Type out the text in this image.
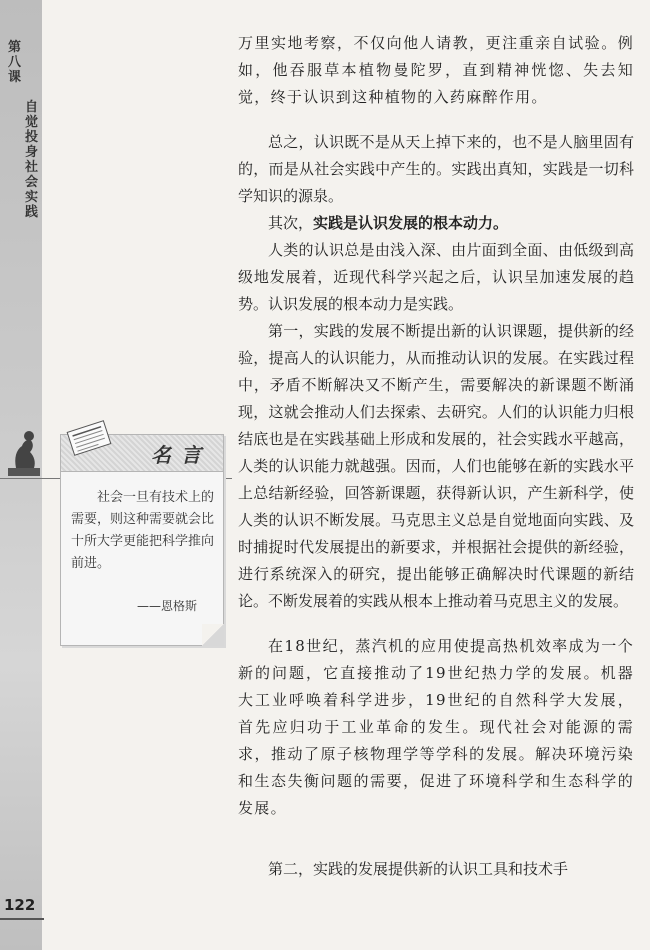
第八课
自觉投身社会实践
122
名言
社会一旦有技术上的需要，则这种需要就会比十所大学更能把科学推向前进。
——恩格斯

万里实地考察，不仅向他人请教，更注重亲自试验。例如，他吞服草本植物曼陀罗，直到精神恍惚、失去知觉，终于认识到这种植物的入药麻醉作用。

总之，认识既不是从天上掉下来的，也不是人脑里固有的，而是从社会实践中产生的。实践出真知，实践是一切科学知识的源泉。

其次，实践是认识发展的根本动力。

人类的认识总是由浅入深、由片面到全面、由低级到高级地发展着，近现代科学兴起之后，认识呈加速发展的趋势。认识发展的根本动力是实践。

第一，实践的发展不断提出新的认识课题，提供新的经验，提高人的认识能力，从而推动认识的发展。在实践过程中，矛盾不断解决又不断产生，需要解决的新课题不断涌现，这就会推动人们去探索、去研究。人们的认识能力归根结底也是在实践基础上形成和发展的，社会实践水平越高，人类的认识能力就越强。因而，人们也能够在新的实践水平上总结新经验，回答新课题，获得新认识，产生新科学，使人类的认识不断发展。马克思主义总是自觉地面向实践、及时捕捉时代发展提出的新要求，并根据社会提供的新经验，进行系统深入的研究，提出能够正确解决时代课题的新结论。不断发展着的实践从根本上推动着马克思主义的发展。

在18世纪，蒸汽机的应用使提高热机效率成为一个新的问题，它直接推动了19世纪热力学的发展。机器大工业呼唤着科学进步，19世纪的自然科学大发展，首先应归功于工业革命的发生。现代社会对能源的需求，推动了原子核物理学等学科的发展。解决环境污染和生态失衡问题的需要，促进了环境科学和生态科学的发展。

第二，实践的发展提供新的认识工具和技术手
